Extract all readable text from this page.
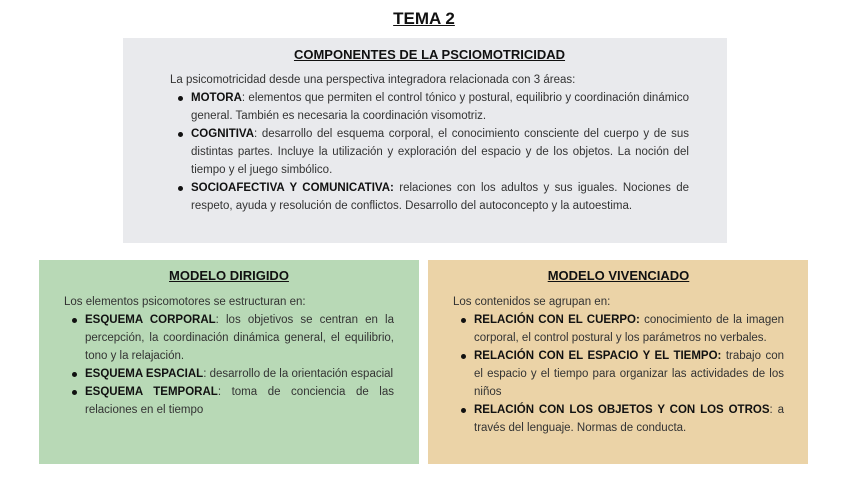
TEMA 2
COMPONENTES DE LA PSCIOMOTRICIDAD

La psicomotricidad desde una perspectiva integradora relacionada con 3 áreas:

MOTORA: elementos que permiten el control tónico y postural, equilibrio y coordinación dinámico general. También es necesaria la coordinación visomotriz.
COGNITIVA: desarrollo del esquema corporal, el conocimiento consciente del cuerpo y de sus distintas partes. Incluye la utilización y exploración del espacio y de los objetos. La noción del tiempo y el juego simbólico.
SOCIOAFECTIVA Y COMUNICATIVA: relaciones con los adultos y sus iguales. Nociones de respeto, ayuda y resolución de conflictos. Desarrollo del autoconcepto y la autoestima.
MODELO DIRIGIDO

Los elementos psicomotores se estructuran en:

ESQUEMA CORPORAL: los objetivos se centran en la percepción, la coordinación dinámica general, el equilibrio, tono y la relajación.
ESQUEMA ESPACIAL: desarrollo de la orientación espacial
ESQUEMA TEMPORAL: toma de conciencia de las relaciones en el tiempo
MODELO VIVENCIADO

Los contenidos se agrupan en:

RELACIÓN CON EL CUERPO: conocimiento de la imagen corporal, el control postural y los parámetros no verbales.
RELACIÓN CON EL ESPACIO Y EL TIEMPO: trabajo con el espacio y el tiempo para organizar las actividades de los niños
RELACIÓN CON LOS OBJETOS Y CON LOS OTROS: a través del lenguaje. Normas de conducta.
